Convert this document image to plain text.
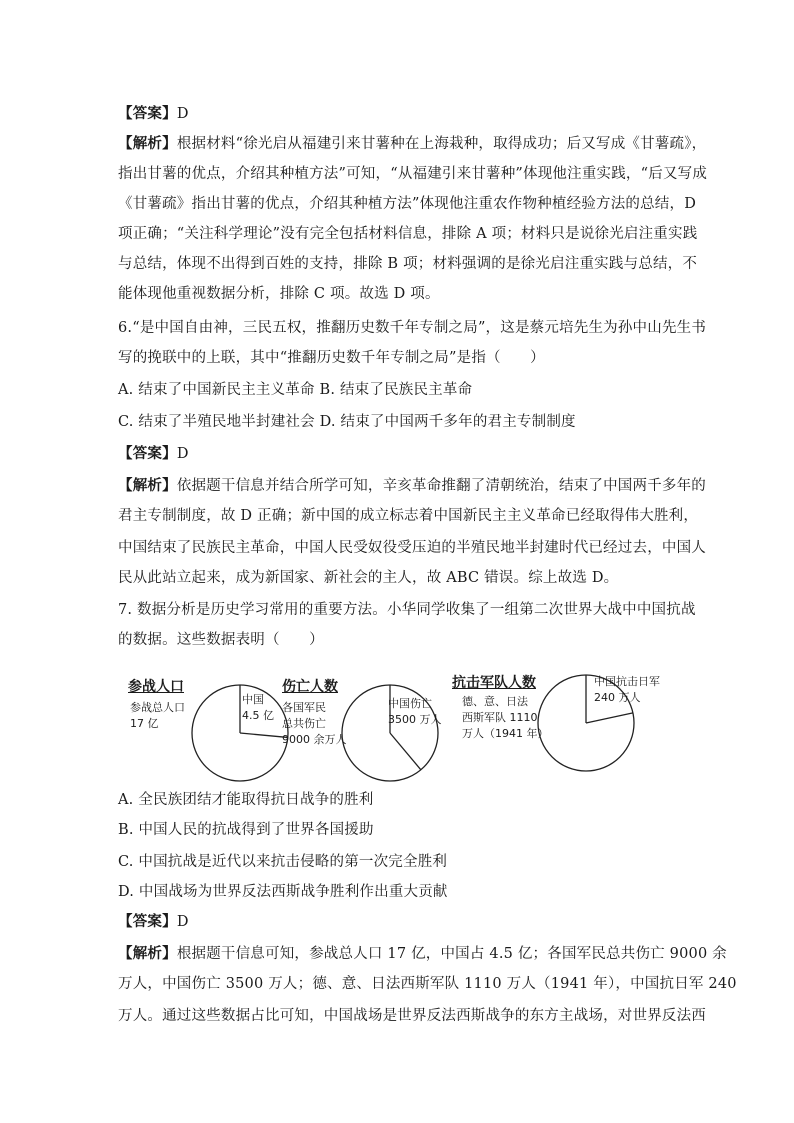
【答案】D
【解析】根据材料“徐光启从福建引来甘薯种在上海栽种，取得成功；后又写成《甘薯疏》，
指出甘薯的优点，介绍其种植方法”可知，“从福建引来甘薯种”体现他注重实践，“后又写成
《甘薯疏》指出甘薯的优点，介绍其种植方法”体现他注重农作物种植经验方法的总结，D
项正确；“关注科学理论”没有完全包括材料信息，排除 A 项；材料只是说徐光启注重实践
与总结，体现不出得到百姓的支持，排除 B 项；材料强调的是徐光启注重实践与总结，不
能体现他重视数据分析，排除 C 项。故选 D 项。
6.“是中国自由神，三民五权，推翻历史数千年专制之局”，这是蔡元培先生为孙中山先生书
写的挽联中的上联，其中“推翻历史数千年专制之局”是指（　　）
A. 结束了中国新民主主义革命 B. 结束了民族民主革命
C. 结束了半殖民地半封建社会 D. 结束了中国两千多年的君主专制制度
【答案】D
【解析】依据题干信息并结合所学可知，辛亥革命推翻了清朝统治，结束了中国两千多年的
君主专制制度，故 D 正确；新中国的成立标志着中国新民主主义革命已经取得伟大胜利，
中国结束了民族民主革命，中国人民受奴役受压迫的半殖民地半封建时代已经过去，中国人
民从此站立起来，成为新国家、新社会的主人，故 ABC 错误。综上故选 D。
7. 数据分析是历史学习常用的重要方法。小华同学收集了一组第二次世界大战中中国抗战
的数据。这些数据表明（　　）
参战人口
参战总人口
17 亿
中国
4.5 亿
伤亡人数
各国军民
总共伤亡
9000 余万人
中国伤亡
3500 万人
抗击军队人数
德、意、日法
西斯军队 1110
万人（1941 年）
中国抗击日军
240 万人
A. 全民族团结才能取得抗日战争的胜利
B. 中国人民的抗战得到了世界各国援助
C. 中国抗战是近代以来抗击侵略的第一次完全胜利
D. 中国战场为世界反法西斯战争胜利作出重大贡献
【答案】D
【解析】根据题干信息可知，参战总人口 17 亿，中国占 4.5 亿；各国军民总共伤亡 9000 余
万人，中国伤亡 3500 万人；德、意、日法西斯军队 1110 万人（1941 年），中国抗日军 240
万人。通过这些数据占比可知，中国战场是世界反法西斯战争的东方主战场，对世界反法西
